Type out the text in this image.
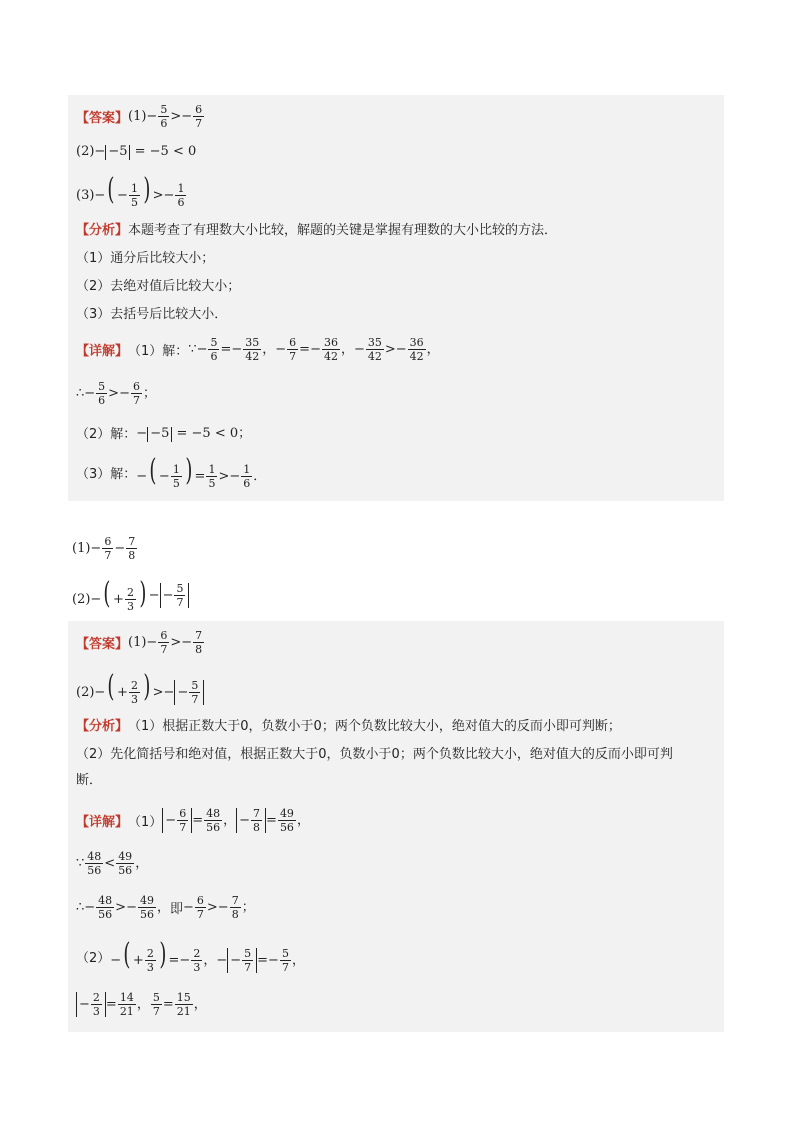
【答案】 $(1)- \frac{5}{6} >- \frac{6}{7}$
(2)− −5 = −5 < 0
$(3)-( - \frac{1}{5}$ ) >− $\frac{1}{6}$
【分析】 本题考查了有理数大小比较，解题的关键是掌握有理数的大小比较的方法．
（1）通分后比较大小；
（2）去绝对值后比较大小；
（3）去括号后比较大小．
【详解】 （1）解： ∵− $\frac{5}{6} =- \frac{35}{42}$ ，− $\frac{6}{7} =- \frac{36}{42}$ ，− $\frac{35}{42} >- \frac{36}{42}$ ，
∴− $\frac{5}{6} >- \frac{6}{7}$ ；
（2）解： − −5 = −5 < 0；
（3）解： −( − $\frac{1}{5}$ ) = $\frac{1}{5} >- \frac{1}{6}$ ．
$(1)- \frac{6}{7} - \frac{7}{8}$
$(2)-( + \frac{2}{3}$ ) − − $\frac{5}{7}$
【答案】 $(1)- \frac{6}{7} >- \frac{7}{8}$
$(2)-( + \frac{2}{3}$ ) >− − $\frac{5}{7}$
【分析】 （1）根据正数大于0，负数小于0；两个负数比较大小，绝对值大的反而小即可判断；
（2）先化简括号和绝对值，根据正数大于0，负数小于0；两个负数比较大小，绝对值大的反而小即可判
断．
【详解】 $(1) - \frac{6}{7} = \frac{48}{56}$ ， − $\frac{7}{8} = \frac{49}{56}$ ，
∵ $\frac{48}{56} < \frac{49}{56}$ ，
∴− $\frac{48}{56} >- \frac{49}{56}$ ， 即 − $\frac{6}{7} >- \frac{7}{8}$ ；
（2） −( + $\frac{2}{3}$ ) =− $\frac{2}{3}$ ，− − $\frac{5}{7} =- \frac{5}{7}$ ，
− $\frac{2}{3} = \frac{14}{21}$ ， $\frac{5}{7} = \frac{15}{21}$ ，
